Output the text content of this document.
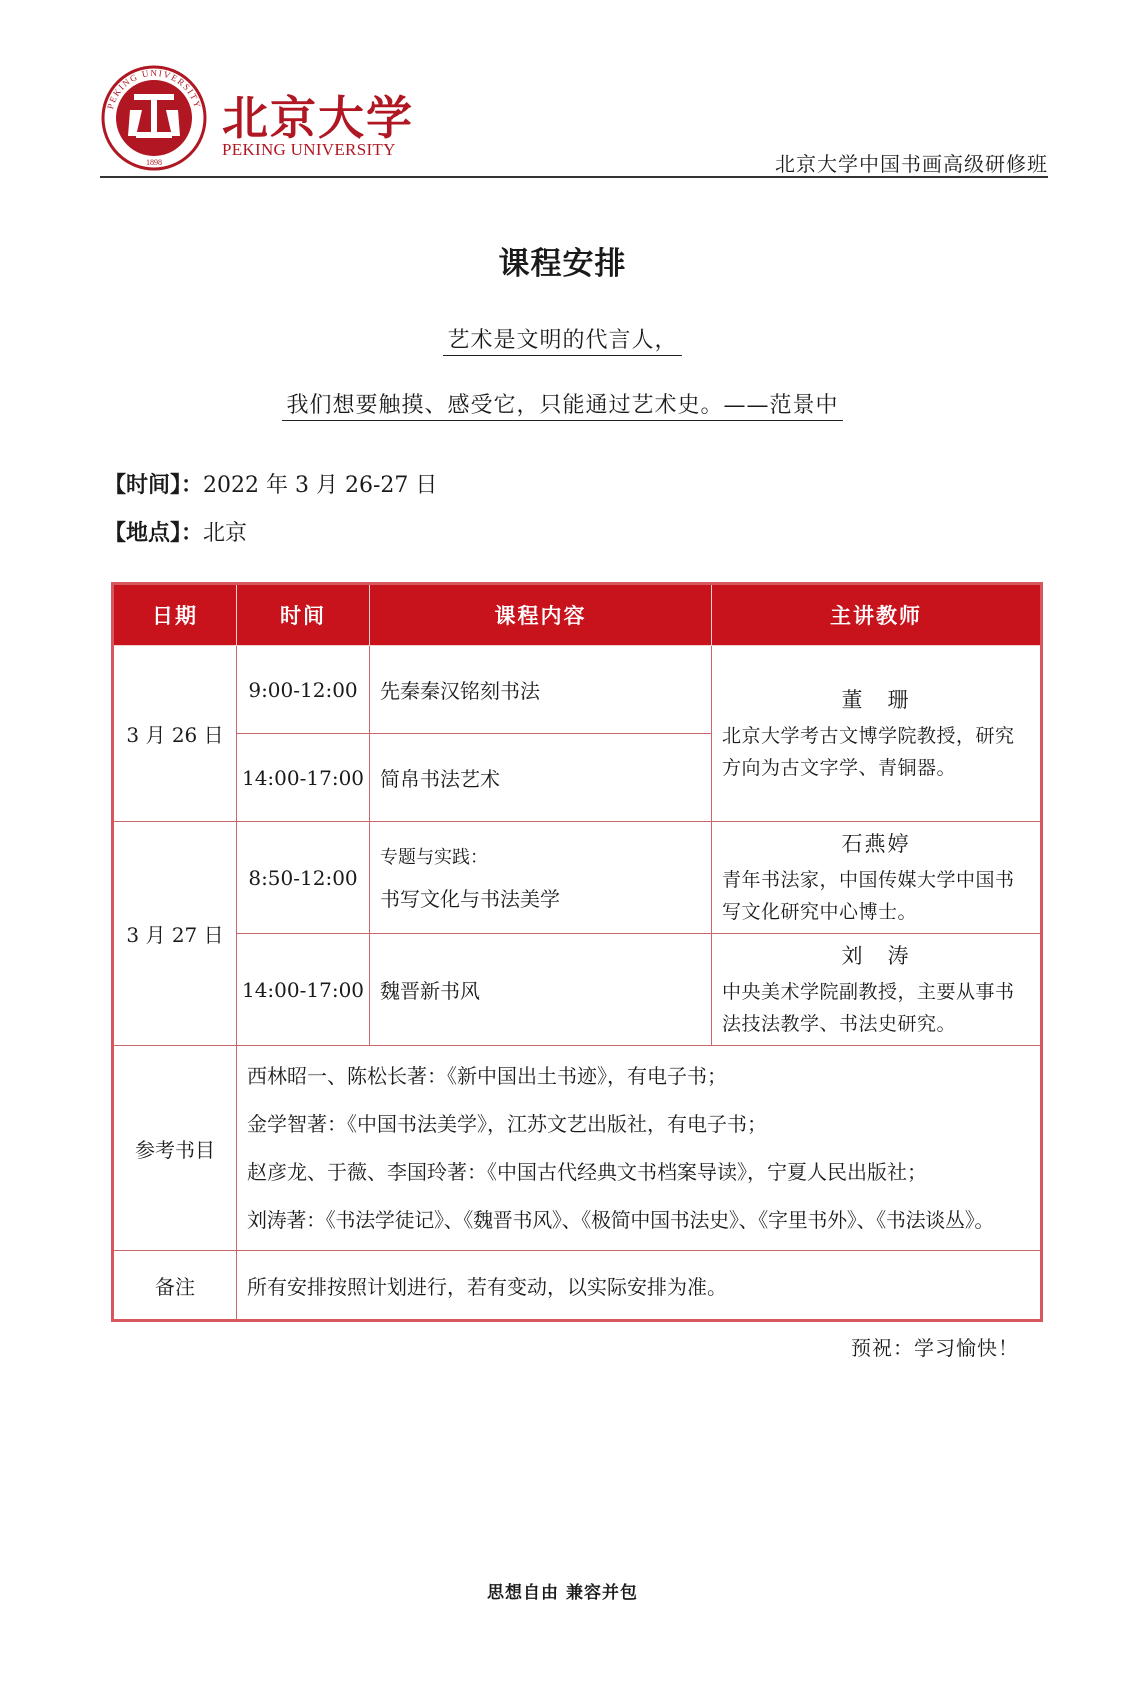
PEKING UNIVERSITY
1898
北京大学
PEKING UNIVERSITY
北京大学中国书画高级研修班
课程安排
艺术是文明的代言人，
我们想要触摸、感受它，只能通过艺术史。——范景中
【时间】：2022 年 3 月 26-27 日
【地点】：北京
日期	时间	课程内容	主讲教师
3 月 26 日	9:00-12:00	先秦秦汉铭刻书法	董　珊
北京大学考古文博学院教授，研究方向为古文字学、青铜器。

	14:00-17:00	简帛书法艺术	
3 月 27 日	8:50-12:00	专题与实践：
书写文化与书法美学	石燕婷
青年书法家，中国传媒大学中国书写文化研究中心博士。

	14:00-17:00	魏晋新书风	刘　涛
中央美术学院副教授，主要从事书法技法教学、书法史研究。

参考书目	西林昭一、陈松长著：《新中国出土书迹》，有电子书；
金学智著：《中国书法美学》，江苏文艺出版社，有电子书；
赵彦龙、于薇、李国玲著：《中国古代经典文书档案导读》，宁夏人民出版社；
刘涛著：《书法学徒记》、《魏晋书风》、《极简中国书法史》、《字里书外》、《书法谈丛》。		

备注	所有安排按照计划进行，若有变动，以实际安排为准。		
预祝：学习愉快！
思想自由 兼容并包
